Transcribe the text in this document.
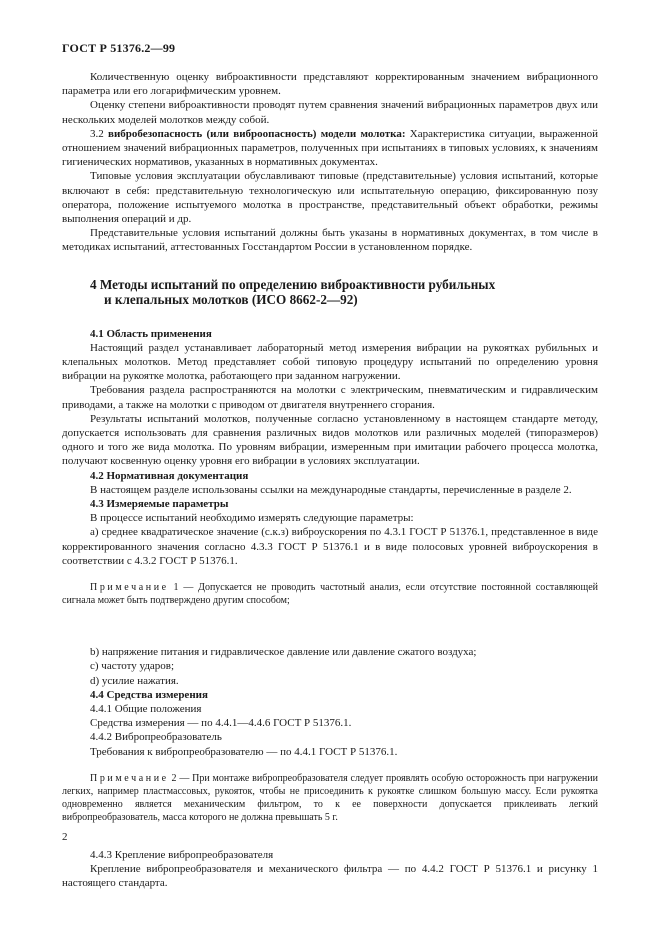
ГОСТ Р 51376.2—99

Количественную оценку виброактивности представляют корректированным значением вибрационного параметра или его логарифмическим уровнем.

Оценку степени виброактивности проводят путем сравнения значений вибрационных параметров двух или нескольких моделей молотков между собой.

3.2 вибробезопасность (или виброопасность) модели молотка: Характеристика ситуации, выраженной отношением значений вибрационных параметров, полученных при испытаниях в типовых условиях, к значениям гигиенических нормативов, указанных в нормативных документах.

Типовые условия эксплуатации обуславливают типовые (представительные) условия испытаний, которые включают в себя: представительную технологическую или испытательную операцию, фиксированную позу оператора, положение испытуемого молотка в пространстве, представительный объект обработки, режимы выполнения операций и др.

Представительные условия испытаний должны быть указаны в нормативных документах, в том числе в методиках испытаний, аттестованных Госстандартом России в установленном порядке.

4 Методы испытаний по определению виброактивности рубильных
и клепальных молотков (ИСО 8662-2—92)

4.1 Область применения

Настоящий раздел устанавливает лабораторный метод измерения вибрации на рукоятках рубильных и клепальных молотков. Метод представляет собой типовую процедуру испытаний по определению уровня вибрации на рукоятке молотка, работающего при заданном нагружении.

Требования раздела распространяются на молотки с электрическим, пневматическим и гидравлическим приводами, а также на молотки с приводом от двигателя внутреннего сгорания.

Результаты испытаний молотков, полученные согласно установленному в настоящем стандарте методу, допускается использовать для сравнения различных видов молотков или различных моделей (типоразмеров) одного и того же вида молотка. По уровням вибрации, измеренным при имитации рабочего процесса молотка, получают косвенную оценку уровня его вибрации в условиях эксплуатации.

4.2 Нормативная документация

В настоящем разделе использованы ссылки на международные стандарты, перечисленные в разделе 2.

4.3 Измеряемые параметры

В процессе испытаний необходимо измерять следующие параметры:

а) среднее квадратическое значение (с.к.з) виброускорения по 4.3.1 ГОСТ Р 51376.1, представленное в виде корректированного значения согласно 4.3.3 ГОСТ Р 51376.1 и в виде полосовых уровней виброускорения в соответствии с 4.3.2 ГОСТ Р 51376.1.

Примечание 1 — Допускается не проводить частотный анализ, если отсутствие постоянной составляющей сигнала может быть подтверждено другим способом;

b) напряжение питания и гидравлическое давление или давление сжатого воздуха;

c) частоту ударов;

d) усилие нажатия.

4.4 Средства измерения

4.4.1 Общие положения

Средства измерения — по 4.4.1—4.4.6 ГОСТ Р 51376.1.

4.4.2 Вибропреобразователь

Требования к вибропреобразователю — по 4.4.1 ГОСТ Р 51376.1.

Примечание 2 — При монтаже вибропреобразователя следует проявлять особую осторожность при нагружении легких, например пластмассовых, рукояток, чтобы не присоединить к рукоятке слишком большую массу. Если рукоятка одновременно является механическим фильтром, то к ее поверхности допускается приклеивать легкий вибропреобразователь, масса которого не должна превышать 5 г.

4.4.3 Крепление вибропреобразователя

Крепление вибропреобразователя и механического фильтра — по 4.4.2 ГОСТ Р 51376.1 и рисунку 1 настоящего стандарта.

2
